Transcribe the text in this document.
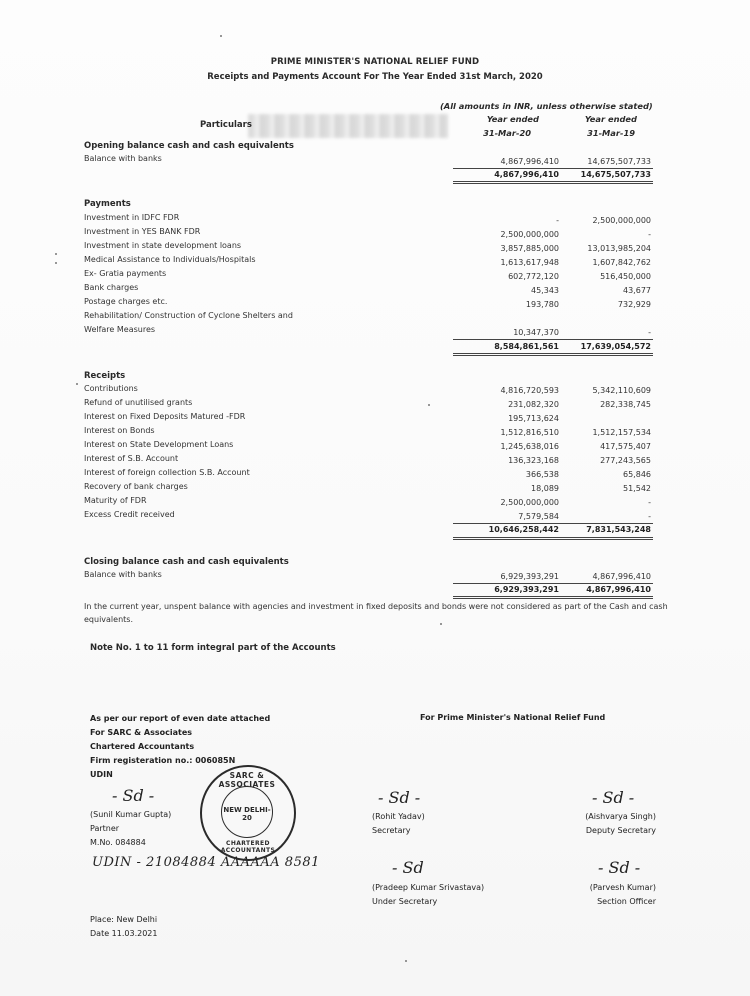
PRIME MINISTER'S NATIONAL RELIEF FUND
Receipts and Payments Account For The Year Ended 31st March, 2020
(All amounts in INR, unless otherwise stated)
Particulars
Year ended
31-Mar-20
Year ended
31-Mar-19
Opening balance cash and cash equivalents
Balance with banks	4,867,996,410	14,675,507,733
4,867,996,410	14,675,507,733
Payments
Investment in IDFC FDR	-	2,500,000,000
Investment in YES BANK FDR	2,500,000,000	-
Investment in state development loans	3,857,885,000	13,013,985,204
Medical Assistance to Individuals/Hospitals	1,613,617,948	1,607,842,762
Ex- Gratia payments	602,772,120	516,450,000
Bank charges	45,343	43,677
Postage charges etc.	193,780	732,929
Rehabilitation/ Construction of Cyclone Shelters and
Welfare Measures	10,347,370	-
8,584,861,561	17,639,054,572
Receipts
Contributions	4,816,720,593	5,342,110,609
Refund of unutilised grants	231,082,320	282,338,745
Interest on Fixed Deposits Matured -FDR	195,713,624
Interest on Bonds	1,512,816,510	1,512,157,534
Interest on State Development Loans	1,245,638,016	417,575,407
Interest of S.B. Account	136,323,168	277,243,565
Interest of foreign collection S.B. Account	366,538	65,846
Recovery of bank charges	18,089	51,542
Maturity of FDR	2,500,000,000	-
Excess Credit received	7,579,584	-
10,646,258,442	7,831,543,248
Closing balance cash and cash equivalents
Balance with banks	6,929,393,291	4,867,996,410
6,929,393,291	4,867,996,410
In the current year, unspent balance with agencies and investment in fixed deposits and bonds were not considered as part of the Cash and cash equivalents.
Note No. 1 to 11 form integral part of the Accounts
As per our report of even date attached
For SARC & Associates
Chartered Accountants
Firm registeration no.: 006085N
UDIN
- Sd -
(Sunil Kumar Gupta)
Partner
M.No. 084884
UDIN - 21084884 AAAAAA 8581
SARC & ASSOCIATES
NEW DELHI-20
CHARTERED ACCOUNTANTS
For Prime Minister's National Relief Fund
- Sd -
(Rohit Yadav)
Secretary
- Sd -
(Aishvarya Singh)
Deputy Secretary
- Sd
(Pradeep Kumar Srivastava)
Under Secretary
- Sd -
(Parvesh Kumar)
Section Officer
Place: New Delhi
Date 11.03.2021
